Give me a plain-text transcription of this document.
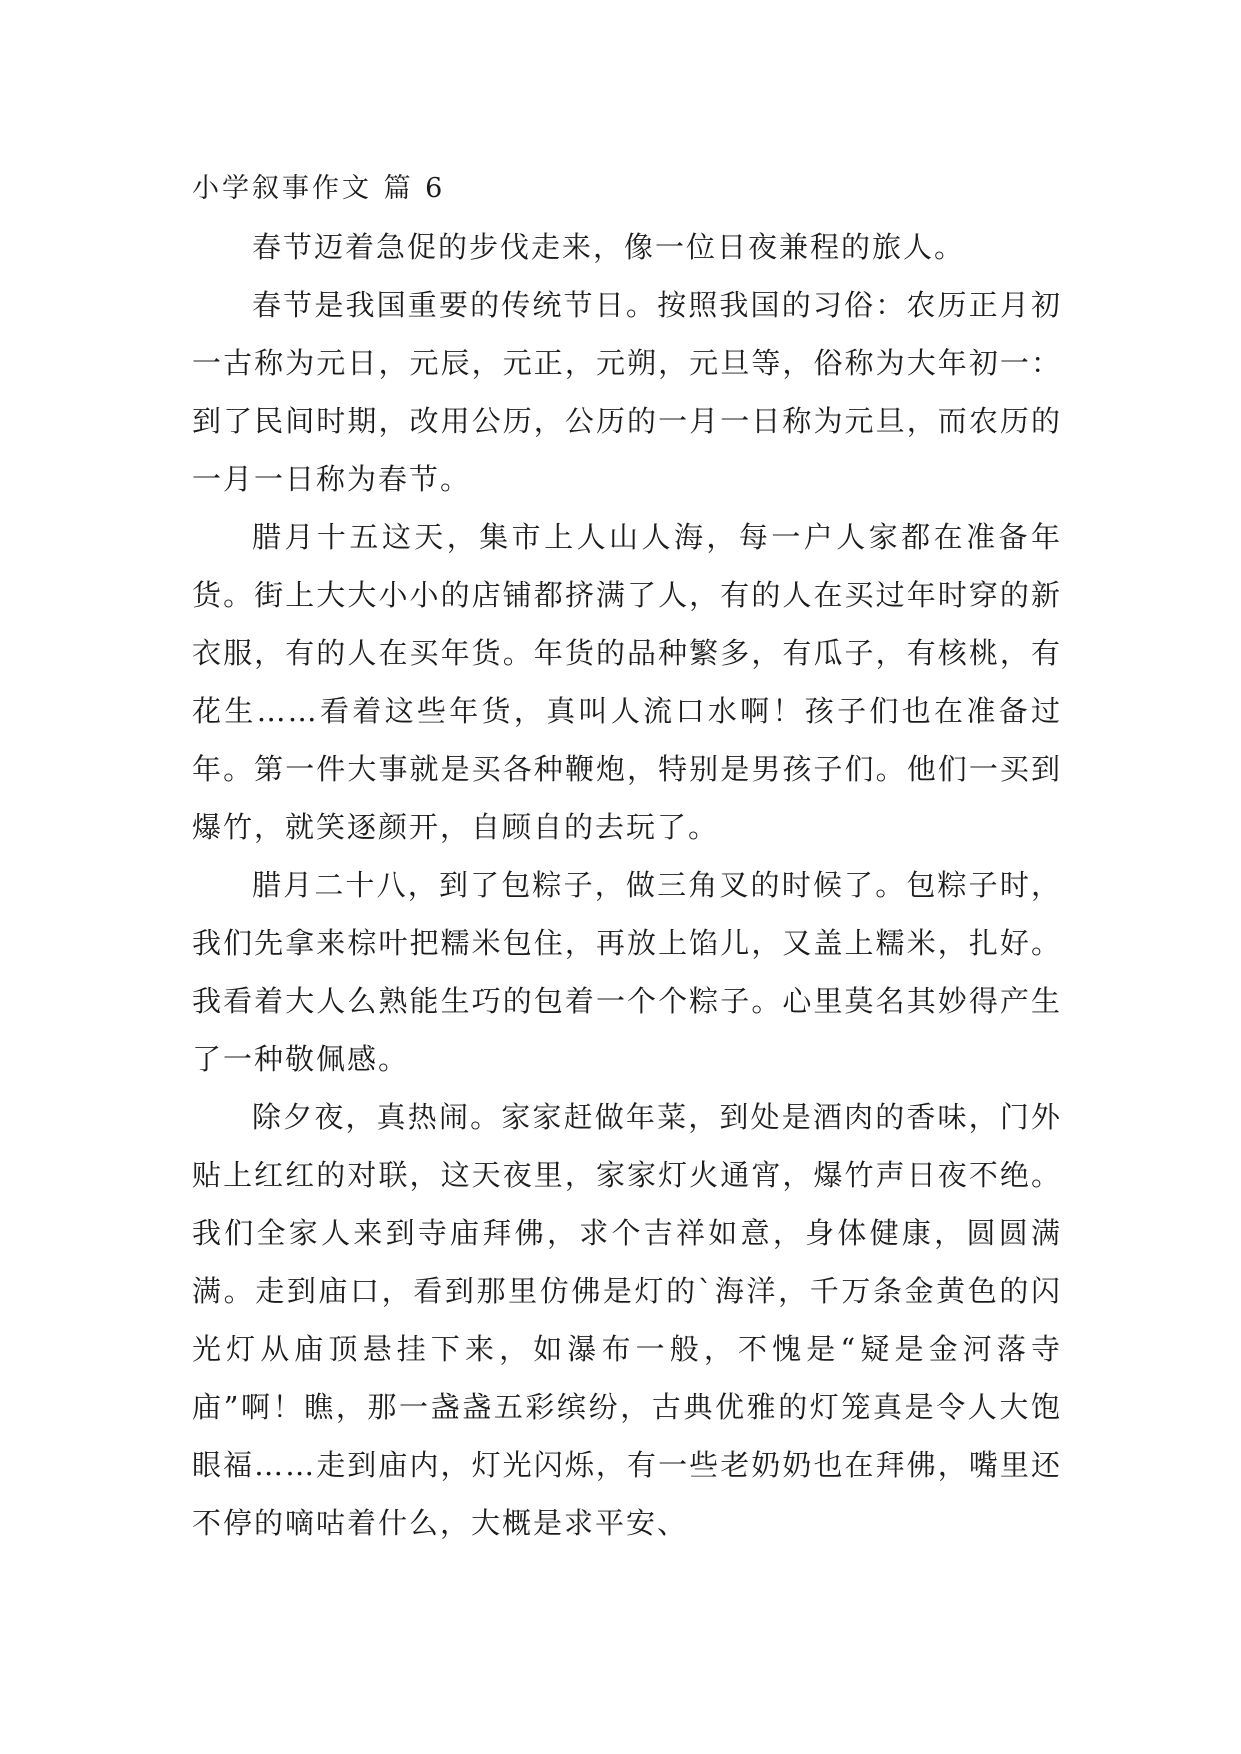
小学叙事作文 篇 6

春节迈着急促的步伐走来，像一位日夜兼程的旅人。

春节是我国重要的传统节日。按照我国的习俗：农历正月初一古称为元日，元辰，元正，元朔，元旦等，俗称为大年初一：到了民间时期，改用公历，公历的一月一日称为元旦，而农历的一月一日称为春节。

腊月十五这天，集市上人山人海，每一户人家都在准备年货。街上大大小小的店铺都挤满了人，有的人在买过年时穿的新衣服，有的人在买年货。年货的品种繁多，有瓜子，有核桃，有花生……看着这些年货，真叫人流口水啊！孩子们也在准备过年。第一件大事就是买各种鞭炮，特别是男孩子们。他们一买到爆竹，就笑逐颜开，自顾自的去玩了。

腊月二十八，到了包粽子，做三角叉的时候了。包粽子时，我们先拿来棕叶把糯米包住，再放上馅儿，又盖上糯米，扎好。我看着大人么熟能生巧的包着一个个粽子。心里莫名其妙得产生了一种敬佩感。

除夕夜，真热闹。家家赶做年菜，到处是酒肉的香味，门外贴上红红的对联，这天夜里，家家灯火通宵，爆竹声日夜不绝。我们全家人来到寺庙拜佛，求个吉祥如意，身体健康，圆圆满满。走到庙口，看到那里仿佛是灯的`海洋，千万条金黄色的闪光灯从庙顶悬挂下来，如瀑布一般，不愧是“疑是金河落寺庙”啊！瞧，那一盏盏五彩缤纷，古典优雅的灯笼真是令人大饱眼福……走到庙内，灯光闪烁，有一些老奶奶也在拜佛，嘴里还不停的嘀咕着什么，大概是求平安、
